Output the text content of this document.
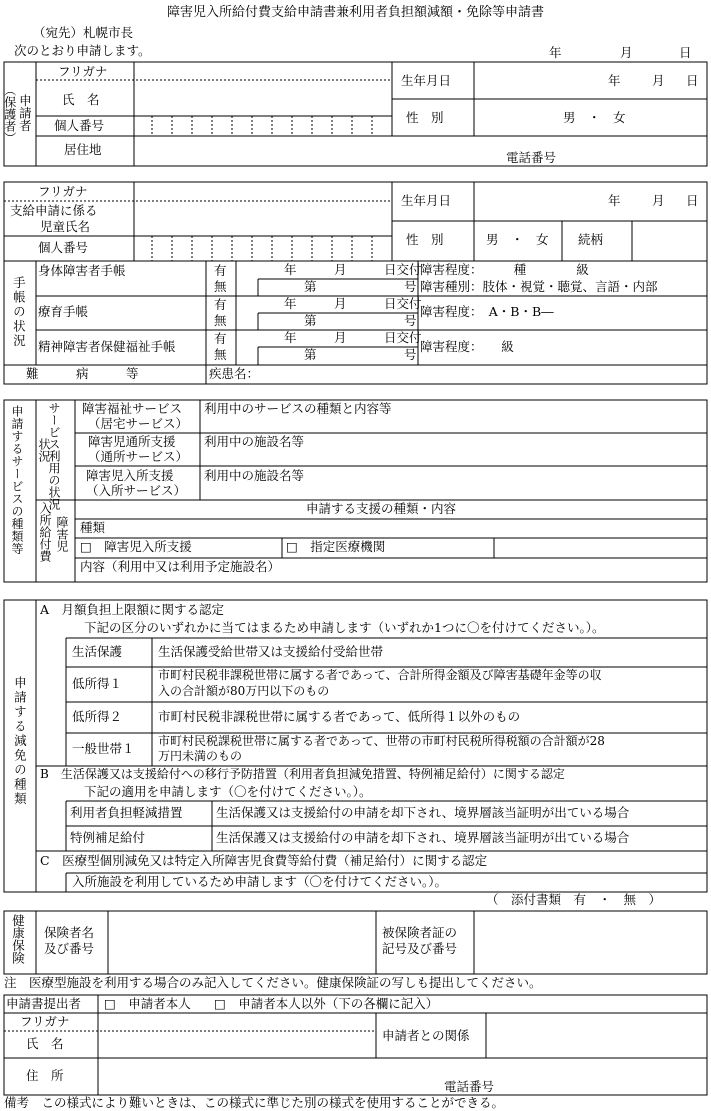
障害児入所給付費支給申請書兼利用者負担額減額・免除等申請書
（宛先）札幌市長
次のとおり申請します。	年	月	日
申請者
（保護者）
フリガナ
氏　名
個人番号
居住地
生年月日	年	月 日
性　別	男　・　女
電話番号
フリガナ
支給申請に係る
児童氏名
個人番号
生年月日	年	月 日
性　別	男　・　女 続柄
手帳の状況
身体障害者手帳	有
無
年　　　月　　　日交付
第　　　　　　　号
障害程度：　　　種　　　　級
障害種別：肢体・視覚・聴覚、言語・内部
療育手帳	有
無
年　　　月　　　日交付
第　　　　　　　号
障害程度：　A・B・B―
精神障害者保健福祉手帳
有
無
年　　　月　　　日交付
第　　　　　　　号
障害程度：　　級
難　　　病　　　等	疾患名：
申請するサービスの種類等 サービス利用の状況
状況
障害福祉サービス
（居宅サービス）
利用中のサービスの種類と内容等
障害児通所支援
（通所サービス）
利用中の施設名等
障害児入所支援
（入所サービス）
利用中の施設名等
入所給付費 障害児
申請する支援の種類・内容
種類
□　障害児入所支援	□　指定医療機関
内容（利用中又は利用予定施設名）
申請する減免の種類
A　月額負担上限額に関する認定
下記の区分のいずれかに当てはまるため申請します（いずれか1つに〇を付けてください。）。
生活保護	生活保護受給世帯又は支援給付受給世帯
低所得１
市町村民税非課税世帯に属する者であって、合計所得金額及び障害基礎年金等の収
入の合計額が80万円以下のもの
低所得２	市町村民税非課税世帯に属する者であって、低所得１以外のもの
一般世帯１ 市町村民税課税世帯に属する者であって、世帯の市町村民税所得税額の合計額が28
万円未満のもの
B　生活保護又は支援給付への移行予防措置（利用者負担減免措置、特例補足給付）に関する認定
下記の適用を申請します（〇を付けてください。）。
利用者負担軽減措置	生活保護又は支援給付の申請を却下され、境界層該当証明が出ている場合
特例補足給付	生活保護又は支援給付の申請を却下され、境界層該当証明が出ている場合
C　医療型個別減免又は特定入所障害児食費等給付費（補足給付）に関する認定
入所施設を利用しているため申請します（〇を付けてください。）。
（　添付書類　有　・　無　）
健康保険 保険者名
及び番号
被保険者証の
記号及び番号
注　医療型施設を利用する場合のみ記入してください。健康保険証の写しも提出してください。
申請書提出者 □　申請者本人 □　申請者本人以外（下の各欄に記入）
フリガナ
氏　名
申請者との関係
住　所
電話番号
備考　この様式により難いときは、この様式に準じた別の様式を使用することができる。
